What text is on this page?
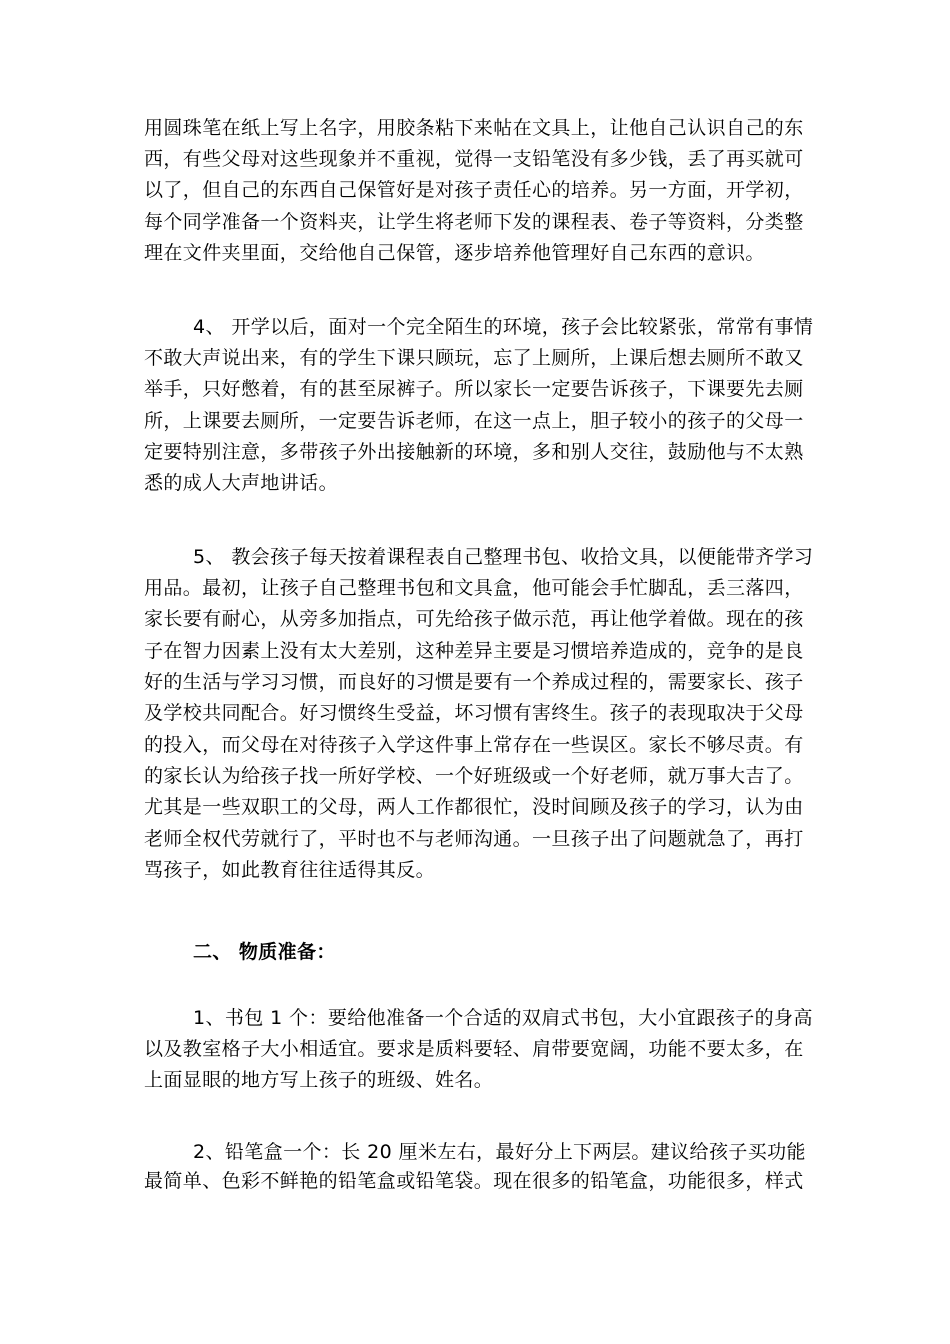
用圆珠笔在纸上写上名字，用胶条粘下来帖在文具上，让他自己认识自己的东
西，有些父母对这些现象并不重视，觉得一支铅笔没有多少钱，丢了再买就可
以了，但自己的东西自己保管好是对孩子责任心的培养。另一方面，开学初，
每个同学准备一个资料夹，让学生将老师下发的课程表、卷子等资料，分类整
理在文件夹里面，交给他自己保管，逐步培养他管理好自己东西的意识。
4、 开学以后，面对一个完全陌生的环境，孩子会比较紧张，常常有事情
不敢大声说出来，有的学生下课只顾玩，忘了上厕所，上课后想去厕所不敢又
举手，只好憋着，有的甚至尿裤子。所以家长一定要告诉孩子，下课要先去厕
所，上课要去厕所，一定要告诉老师，在这一点上，胆子较小的孩子的父母一
定要特别注意，多带孩子外出接触新的环境，多和别人交往，鼓励他与不太熟
悉的成人大声地讲话。
5、 教会孩子每天按着课程表自己整理书包、收拾文具，以便能带齐学习
用品。最初，让孩子自己整理书包和文具盒，他可能会手忙脚乱，丢三落四，
家长要有耐心，从旁多加指点，可先给孩子做示范，再让他学着做。现在的孩
子在智力因素上没有太大差别，这种差异主要是习惯培养造成的，竞争的是良
好的生活与学习习惯，而良好的习惯是要有一个养成过程的，需要家长、孩子
及学校共同配合。好习惯终生受益，坏习惯有害终生。孩子的表现取决于父母
的投入，而父母在对待孩子入学这件事上常存在一些误区。家长不够尽责。有
的家长认为给孩子找一所好学校、一个好班级或一个好老师，就万事大吉了。
尤其是一些双职工的父母，两人工作都很忙，没时间顾及孩子的学习，认为由
老师全权代劳就行了，平时也不与老师沟通。一旦孩子出了问题就急了，再打
骂孩子，如此教育往往适得其反。
二、 物质准备：
1、书包 1 个：要给他准备一个合适的双肩式书包，大小宜跟孩子的身高
以及教室格子大小相适宜。要求是质料要轻、肩带要宽阔，功能不要太多，在
上面显眼的地方写上孩子的班级、姓名。
2、铅笔盒一个：长 20 厘米左右，最好分上下两层。建议给孩子买功能
最简单、色彩不鲜艳的铅笔盒或铅笔袋。现在很多的铅笔盒，功能很多，样式
